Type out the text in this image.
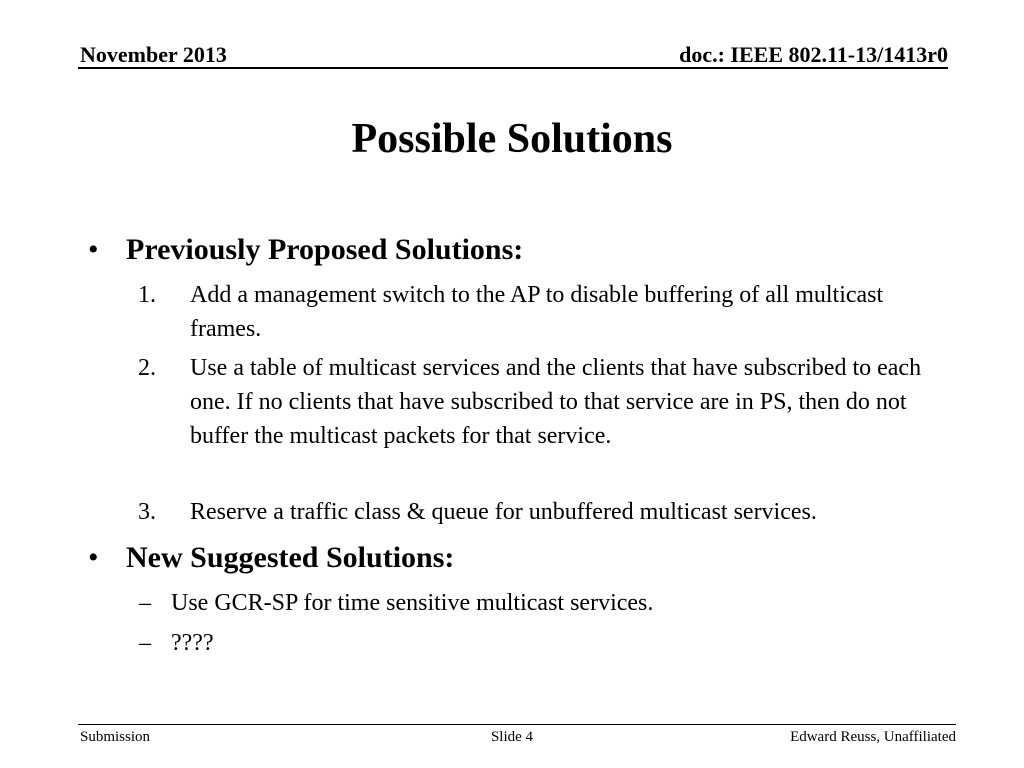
November 2013	doc.: IEEE 802.11-13/1413r0
Possible Solutions
• Previously Proposed Solutions:
1. Add a management switch to the AP to disable buffering of all multicast frames.
2. Use a table of multicast services and the clients that have subscribed to each one. If no clients that have subscribed to that service are in PS, then do not buffer the multicast packets for that service.
3. Reserve a traffic class & queue for unbuffered multicast services.
• New Suggested Solutions:
– Use GCR-SP for time sensitive multicast services.
– ????
Submission	Slide 4	Edward Reuss, Unaffiliated
